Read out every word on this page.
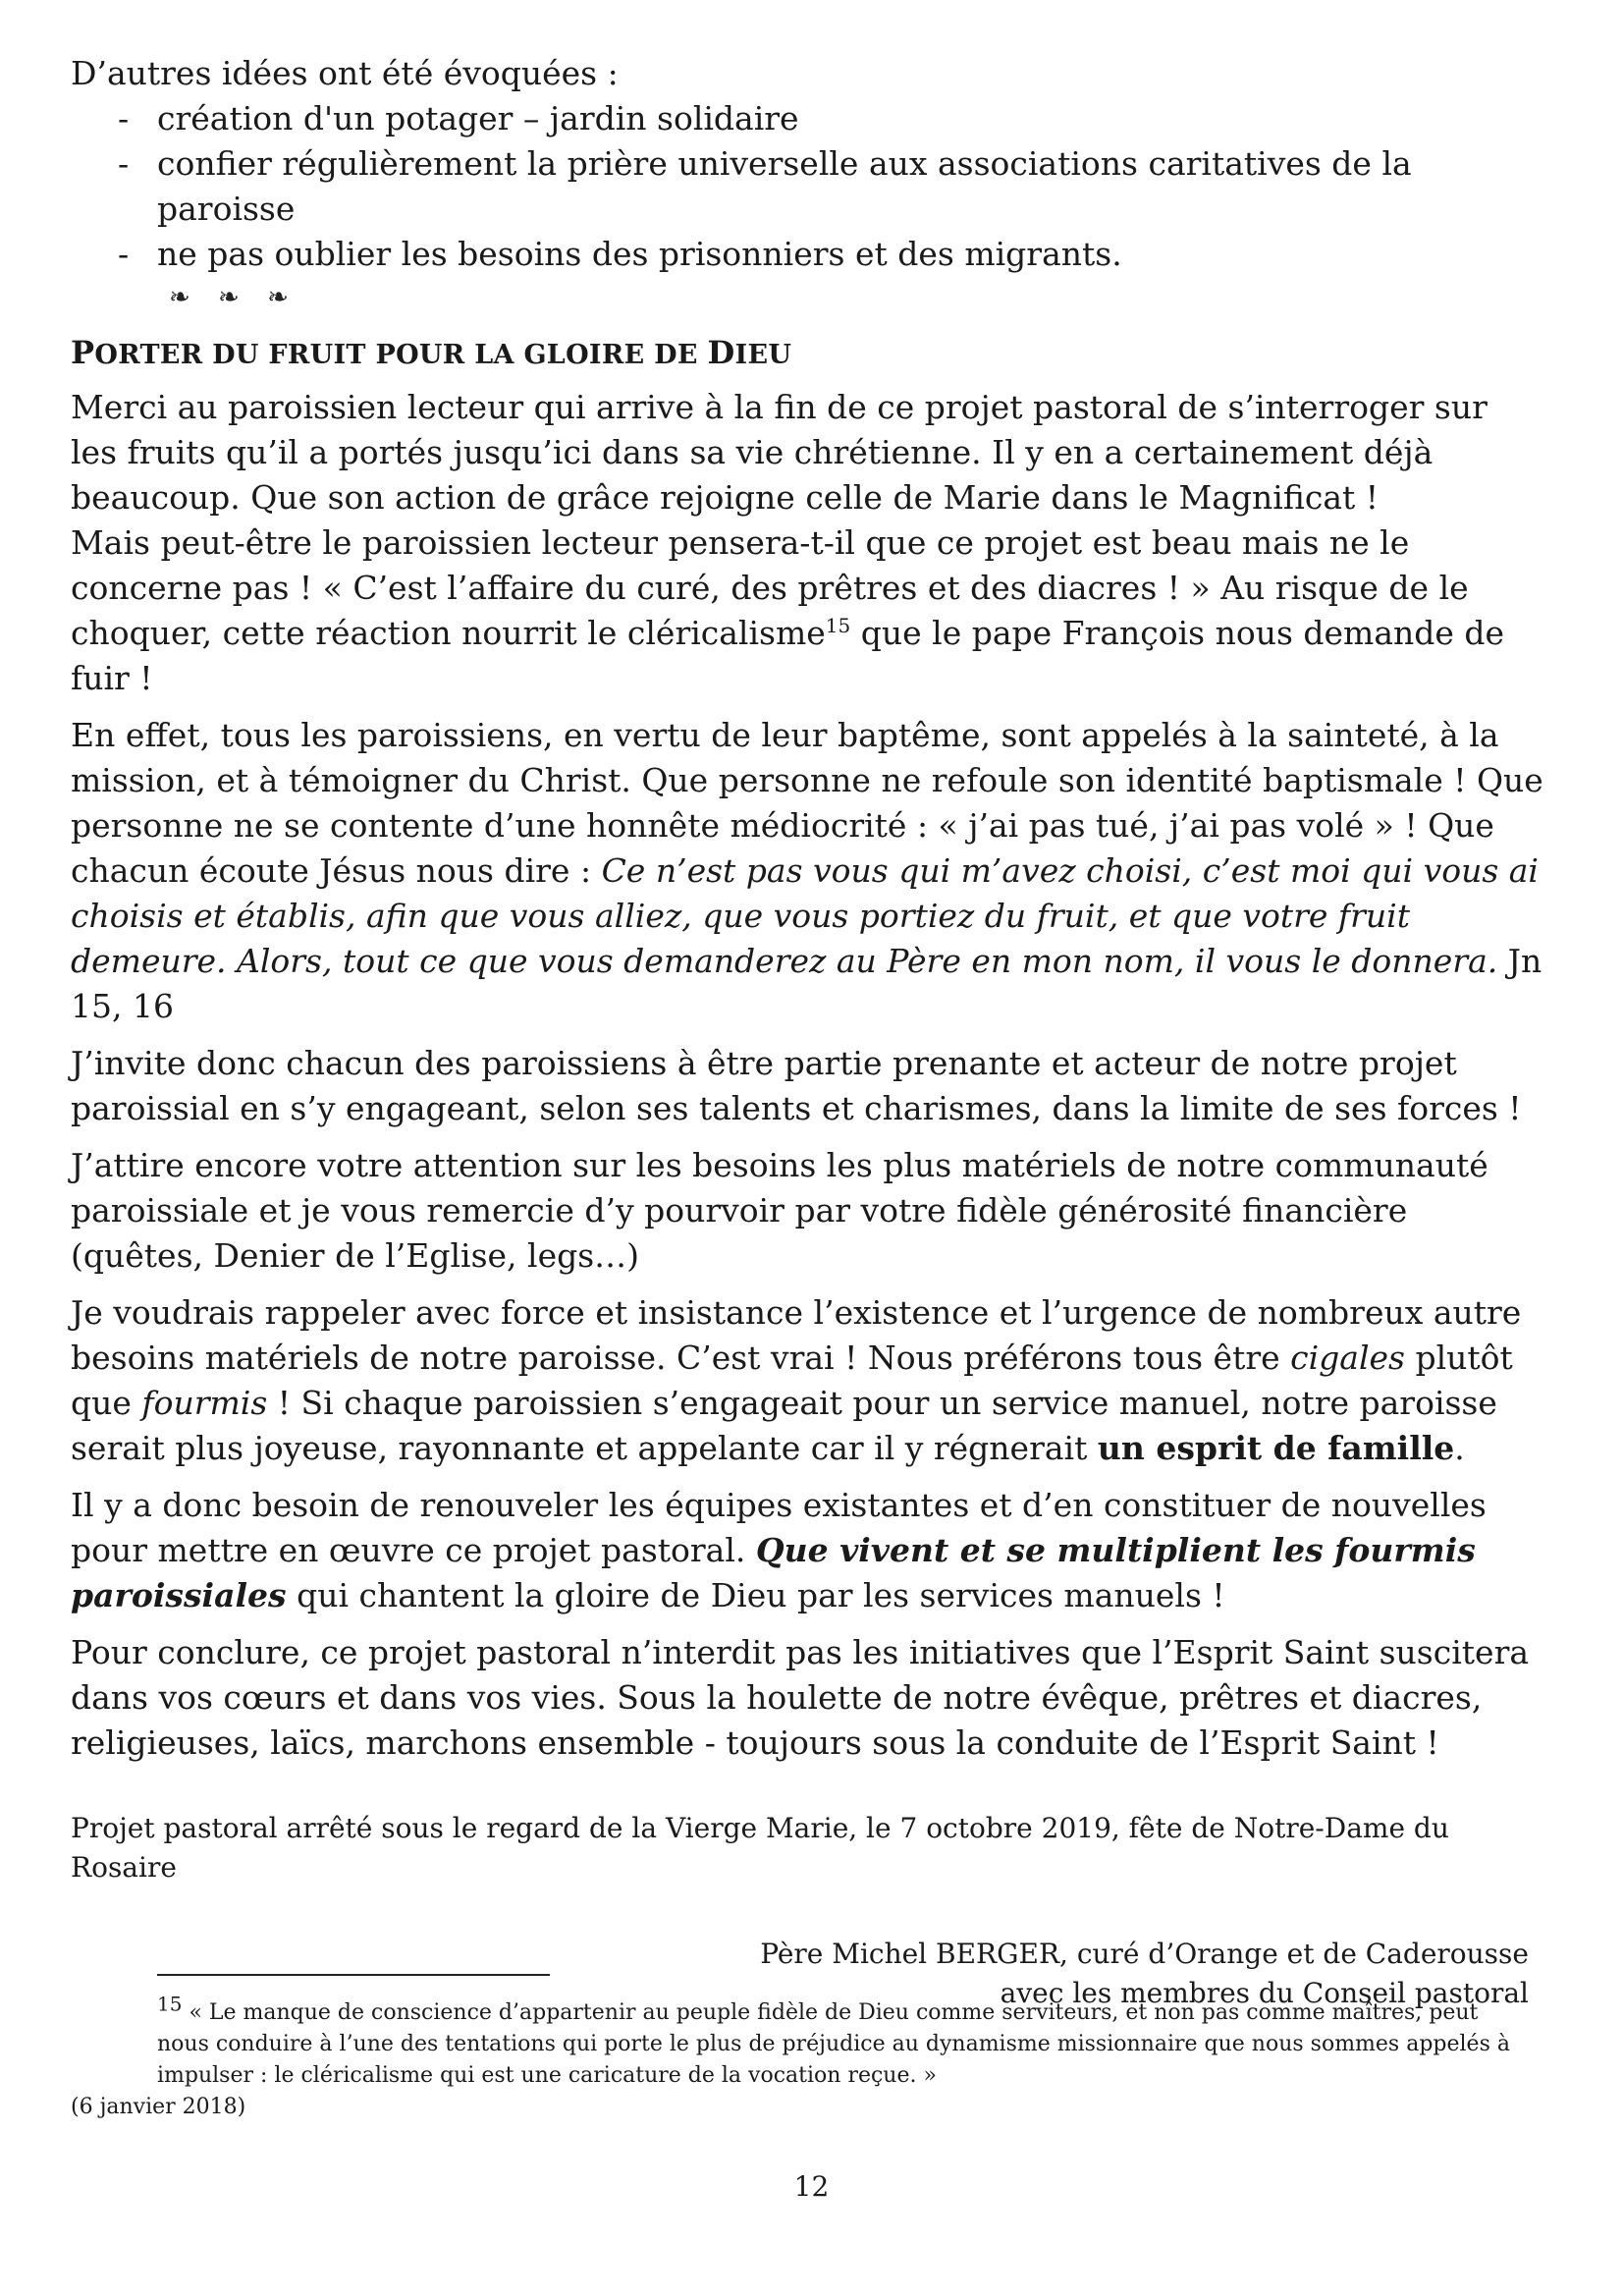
D’autres idées ont été évoquées :

- création d'un potager – jardin solidaire
- confier régulièrement la prière universelle aux associations caritatives de la paroisse
- ne pas oublier les besoins des prisonniers et des migrants.
❧ ❧ ❧
PORTER DU FRUIT POUR LA GLOIRE DE DIEU

Merci au paroissien lecteur qui arrive à la fin de ce projet pastoral de s’interroger sur les fruits qu’il a portés jusqu’ici dans sa vie chrétienne. Il y en a certainement déjà beaucoup. Que son action de grâce rejoigne celle de Marie dans le Magnificat !

Mais peut-être le paroissien lecteur pensera-t-il que ce projet est beau mais ne le concerne pas ! « C’est l’affaire du curé, des prêtres et des diacres ! » Au risque de le choquer, cette réaction nourrit le cléricalisme$^{15}$ que le pape François nous demande de fuir !

En effet, tous les paroissiens, en vertu de leur baptême, sont appelés à la sainteté, à la mission, et à témoigner du Christ. Que personne ne refoule son identité baptismale ! Que personne ne se contente d’une honnête médiocrité : « j’ai pas tué, j’ai pas volé » ! Que chacun écoute Jésus nous dire : Ce n’est pas vous qui m’avez choisi, c’est moi qui vous ai choisis et établis, afin que vous alliez, que vous portiez du fruit, et que votre fruit demeure. Alors, tout ce que vous demanderez au Père en mon nom, il vous le donnera. Jn 15, 16

J’invite donc chacun des paroissiens à être partie prenante et acteur de notre projet paroissial en s’y engageant, selon ses talents et charismes, dans la limite de ses forces !

J’attire encore votre attention sur les besoins les plus matériels de notre communauté paroissiale et je vous remercie d’y pourvoir par votre fidèle générosité financière (quêtes, Denier de l’Eglise, legs…)

Je voudrais rappeler avec force et insistance l’existence et l’urgence de nombreux autre besoins matériels de notre paroisse. C’est vrai ! Nous préférons tous être cigales plutôt que fourmis ! Si chaque paroissien s’engageait pour un service manuel, notre paroisse serait plus joyeuse, rayonnante et appelante car il y régnerait un esprit de famille.

Il y a donc besoin de renouveler les équipes existantes et d’en constituer de nouvelles pour mettre en œuvre ce projet pastoral. Que vivent et se multiplient les fourmis paroissiales qui chantent la gloire de Dieu par les services manuels !

Pour conclure, ce projet pastoral n’interdit pas les initiatives que l’Esprit Saint suscitera dans vos cœurs et dans vos vies. Sous la houlette de notre évêque, prêtres et diacres, religieuses, laïcs, marchons ensemble - toujours sous la conduite de l’Esprit Saint !

Projet pastoral arrêté sous le regard de la Vierge Marie, le 7 octobre 2019, fête de Notre-Dame du Rosaire

Père Michel BERGER, curé d’Orange et de Caderousse
avec les membres du Conseil pastoral
$^{15}$ « Le manque de conscience d’appartenir au peuple fidèle de Dieu comme serviteurs, et non pas comme maîtres, peut nous conduire à l’une des tentations qui porte le plus de préjudice au dynamisme missionnaire que nous sommes appelés à impulser : le cléricalisme qui est une caricature de la vocation reçue. »
(6 janvier 2018)
12
